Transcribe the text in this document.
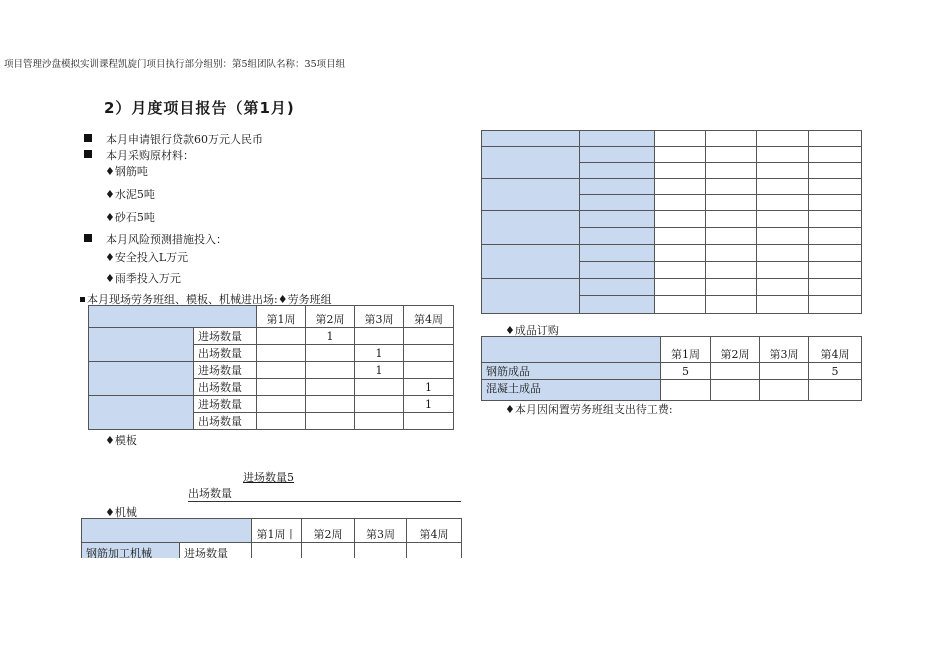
项目管理沙盘模拟实训课程凯旋门项目执行部分组别：第5组团队名称：35项目组
2）月度项目报告（第1月)
本月申请银行贷款60万元人民币
本月采购原材料：
♦钢筋吨
♦水泥5吨
♦砂石5吨
本月风险预测措施投入：
♦安全投入L万元
♦雨季投入万元
本月现场劳务班组、模板、机械进出场:♦劳务班组
		第1周	第2周	第3周	第4周
	进场数量		1		
	出场数量			1	
	进场数量			1	
	出场数量				1
	进场数量				1
	出场数量				
♦模板
进场数量5
出场数量
♦机械
		第1周丨	第2周	第3周	第4周
钢筋加工机械	进场数量				

♦成品订购
	第1周	第2周	第3周	第4周
钢筋成品	5			5
混凝土成品				
♦本月因闲置劳务班组支出待工费:
